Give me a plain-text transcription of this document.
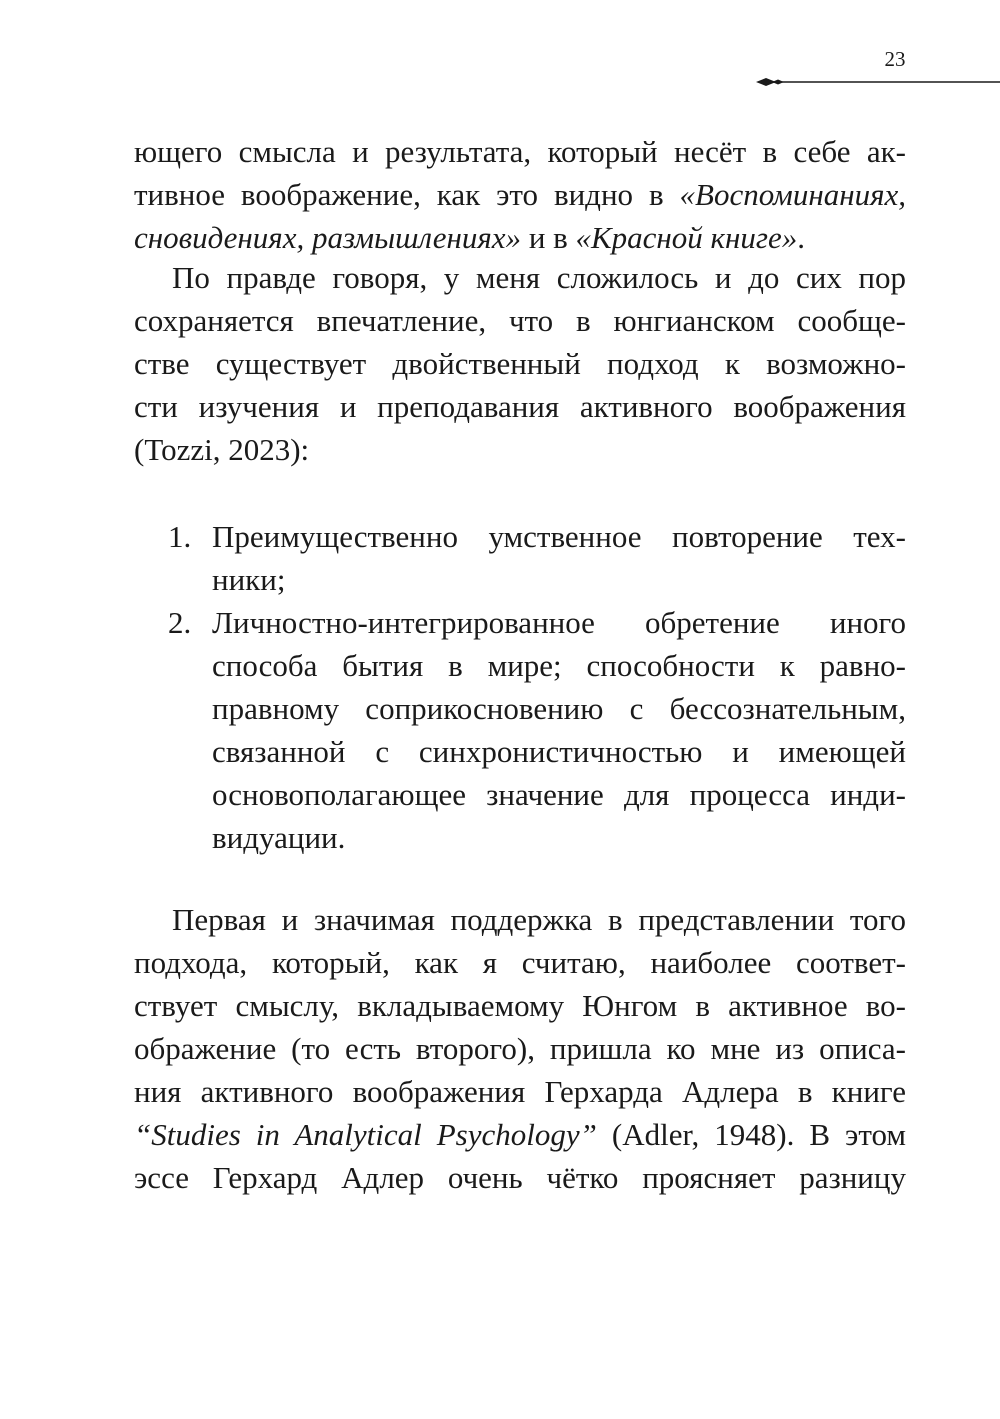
23
ющего смысла и результата, который несёт в себе ак-
тивное воображение, как это видно в «Воспоминаниях,
сновидениях, размышлениях» и в «Красной книге».
По правде говоря, у меня сложилось и до сих пор
сохраняется впечатление, что в юнгианском сообще-
стве существует двойственный подход к возможно-
сти изучения и преподавания активного воображения
(Tozzi, 2023):
1. Преимущественно умственное повторение тех-
ники;
2. Личностно-интегрированное обретение иного
способа бытия в мире; способности к равно-
правному соприкосновению с бессознательным,
связанной с синхронистичностью и имеющей
основополагающее значение для процесса инди-
видуации.
Первая и значимая поддержка в представлении того
подхода, который, как я считаю, наиболее соответ-
ствует смыслу, вкладываемому Юнгом в активное во-
ображение (то есть второго), пришла ко мне из описа-
ния активного воображения Герхарда Адлера в книге
“Studies in Analytical Psychology” (Adler, 1948). В этом
эссе Герхард Адлер очень чётко проясняет разницу
